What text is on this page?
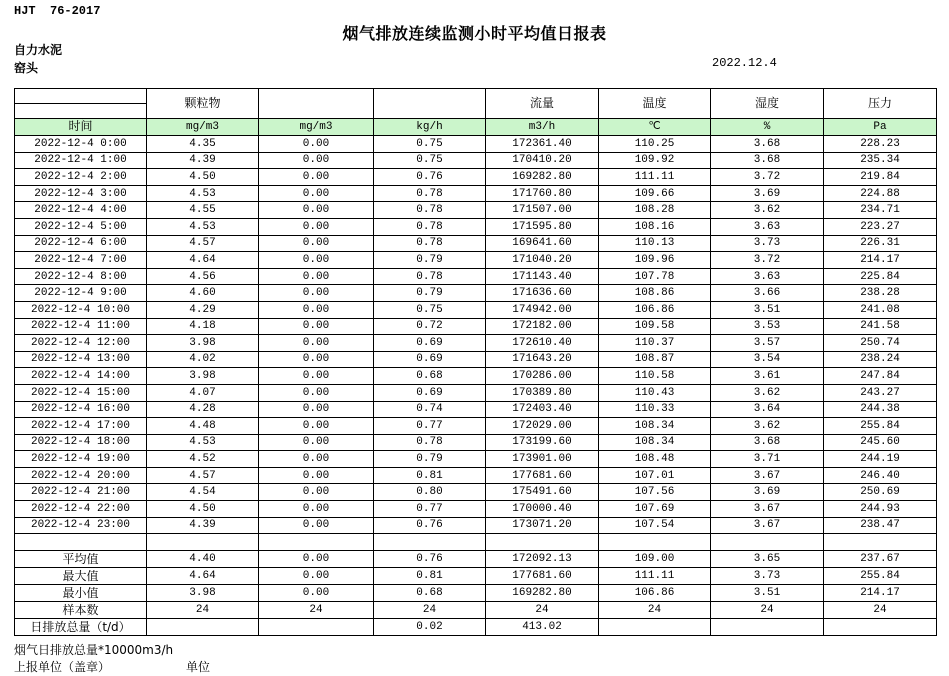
HJT  76-2017
烟气排放连续监测小时平均值日报表
自力水泥
窑头	2022.12.4
	颗粒物			流量	温度	湿度	压力

时间	mg/m3	mg/m3	kg/h	m3/h	℃	%	Pa
2022-12-4 0:00	4.35	0.00	0.75	172361.40	110.25	3.68	228.23
2022-12-4 1:00	4.39	0.00	0.75	170410.20	109.92	3.68	235.34
2022-12-4 2:00	4.50	0.00	0.76	169282.80	111.11	3.72	219.84
2022-12-4 3:00	4.53	0.00	0.78	171760.80	109.66	3.69	224.88
2022-12-4 4:00	4.55	0.00	0.78	171507.00	108.28	3.62	234.71
2022-12-4 5:00	4.53	0.00	0.78	171595.80	108.16	3.63	223.27
2022-12-4 6:00	4.57	0.00	0.78	169641.60	110.13	3.73	226.31
2022-12-4 7:00	4.64	0.00	0.79	171040.20	109.96	3.72	214.17
2022-12-4 8:00	4.56	0.00	0.78	171143.40	107.78	3.63	225.84
2022-12-4 9:00	4.60	0.00	0.79	171636.60	108.86	3.66	238.28
2022-12-4 10:00	4.29	0.00	0.75	174942.00	106.86	3.51	241.08
2022-12-4 11:00	4.18	0.00	0.72	172182.00	109.58	3.53	241.58
2022-12-4 12:00	3.98	0.00	0.69	172610.40	110.37	3.57	250.74
2022-12-4 13:00	4.02	0.00	0.69	171643.20	108.87	3.54	238.24
2022-12-4 14:00	3.98	0.00	0.68	170286.00	110.58	3.61	247.84
2022-12-4 15:00	4.07	0.00	0.69	170389.80	110.43	3.62	243.27
2022-12-4 16:00	4.28	0.00	0.74	172403.40	110.33	3.64	244.38
2022-12-4 17:00	4.48	0.00	0.77	172029.00	108.34	3.62	255.84
2022-12-4 18:00	4.53	0.00	0.78	173199.60	108.34	3.68	245.60
2022-12-4 19:00	4.52	0.00	0.79	173901.00	108.48	3.71	244.19
2022-12-4 20:00	4.57	0.00	0.81	177681.60	107.01	3.67	246.40
2022-12-4 21:00	4.54	0.00	0.80	175491.60	107.56	3.69	250.69
2022-12-4 22:00	4.50	0.00	0.77	170000.40	107.69	3.67	244.93
2022-12-4 23:00	4.39	0.00	0.76	173071.20	107.54	3.67	238.47

平均值	4.40	0.00	0.76	172092.13	109.00	3.65	237.67
最大值	4.64	0.00	0.81	177681.60	111.11	3.73	255.84
最小值	3.98	0.00	0.68	169282.80	106.86	3.51	214.17
样本数	24	24	24	24	24	24	24
日排放总量（t/d）			0.02	413.02			
烟气日排放总量*10000m3/h
上报单位（盖章）	单位
